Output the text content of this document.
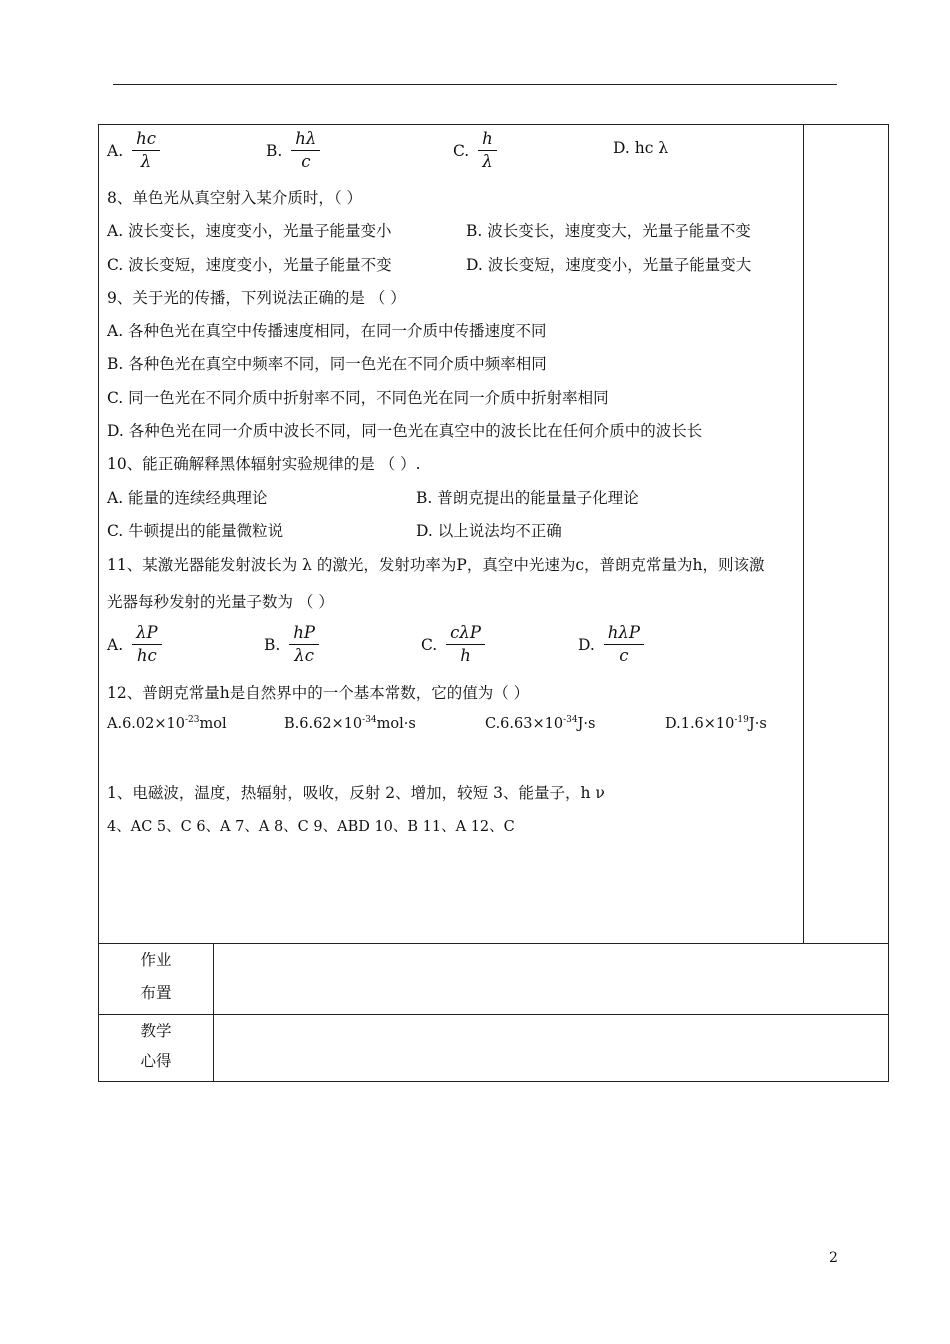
A. $\frac{hc}{\lambda}$	B. $\frac{h\lambda}{c}$	C. $\frac{h}{\lambda}$	D. hc λ
8、单色光从真空射入某介质时，（ ）
A. 波长变长，速度变小，光量子能量变小	B. 波长变长，速度变大，光量子能量不变
C. 波长变短，速度变小，光量子能量不变	D. 波长变短，速度变小，光量子能量变大
9、关于光的传播，下列说法正确的是 （ ）
A. 各种色光在真空中传播速度相同，在同一介质中传播速度不同
B. 各种色光在真空中频率不同，同一色光在不同介质中频率相同
C. 同一色光在不同介质中折射率不同，不同色光在同一介质中折射率相同
D. 各种色光在同一介质中波长不同，同一色光在真空中的波长比在任何介质中的波长长
10、能正确解释黑体辐射实验规律的是 （ ）.
A. 能量的连续经典理论	B. 普朗克提出的能量量子化理论
C. 牛顿提出的能量微粒说	D. 以上说法均不正确
11、某激光器能发射波长为 λ 的激光，发射功率为P，真空中光速为c，普朗克常量为h，则该激
光器每秒发射的光量子数为 （ ）
A. $\frac{\lambda P}{hc}$	B. $\frac{hP}{\lambda c}$	C. $\frac{\text{cλP}}{h}$	D. $\frac{\text{hλP}}{c}$
12、普朗克常量h是自然界中的一个基本常数，它的值为（ ）
$A.6.02\times 10^{-23}mol$	$B.6.62\times 10^{-34}mol\cdot s$	$C.6.63\times 10^{-34}J\cdot s$	$D.1.6\times 10^{-19}J\cdot s$
1、电磁波，温度，热辐射，吸收，反射 2、增加，较短 3、能量子，h ν
4、AC 5、C 6、A 7、A 8、C 9、ABD 10、B 11、A 12、C
作业
布置
教学
心得
2
